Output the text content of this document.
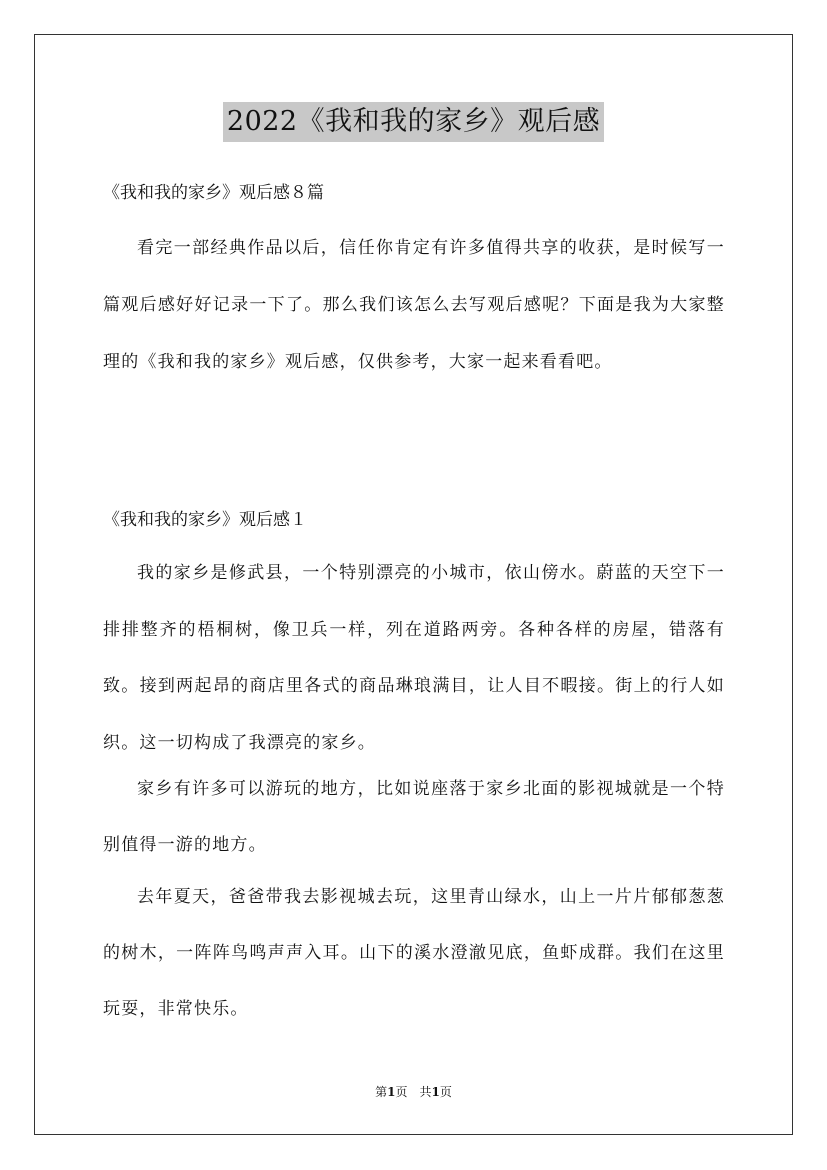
2022《我和我的家乡》观后感
《我和我的家乡》观后感８篇

看完一部经典作品以后，信任你肯定有许多值得共享的收获，是时候写一篇观后感好好记录一下了。那么我们该怎么去写观后感呢？下面是我为大家整理的《我和我的家乡》观后感，仅供参考，大家一起来看看吧。

《我和我的家乡》观后感１

我的家乡是修武县，一个特别漂亮的小城市，依山傍水。蔚蓝的天空下一排排整齐的梧桐树，像卫兵一样，列在道路两旁。各种各样的房屋，错落有致。接到两起昂的商店里各式的商品琳琅满目，让人目不暇接。街上的行人如织。这一切构成了我漂亮的家乡。

家乡有许多可以游玩的地方，比如说座落于家乡北面的影视城就是一个特别值得一游的地方。

去年夏天，爸爸带我去影视城去玩，这里青山绿水，山上一片片郁郁葱葱的树木，一阵阵鸟鸣声声入耳。山下的溪水澄澈见底，鱼虾成群。我们在这里玩耍，非常快乐。

第1页　共1页
